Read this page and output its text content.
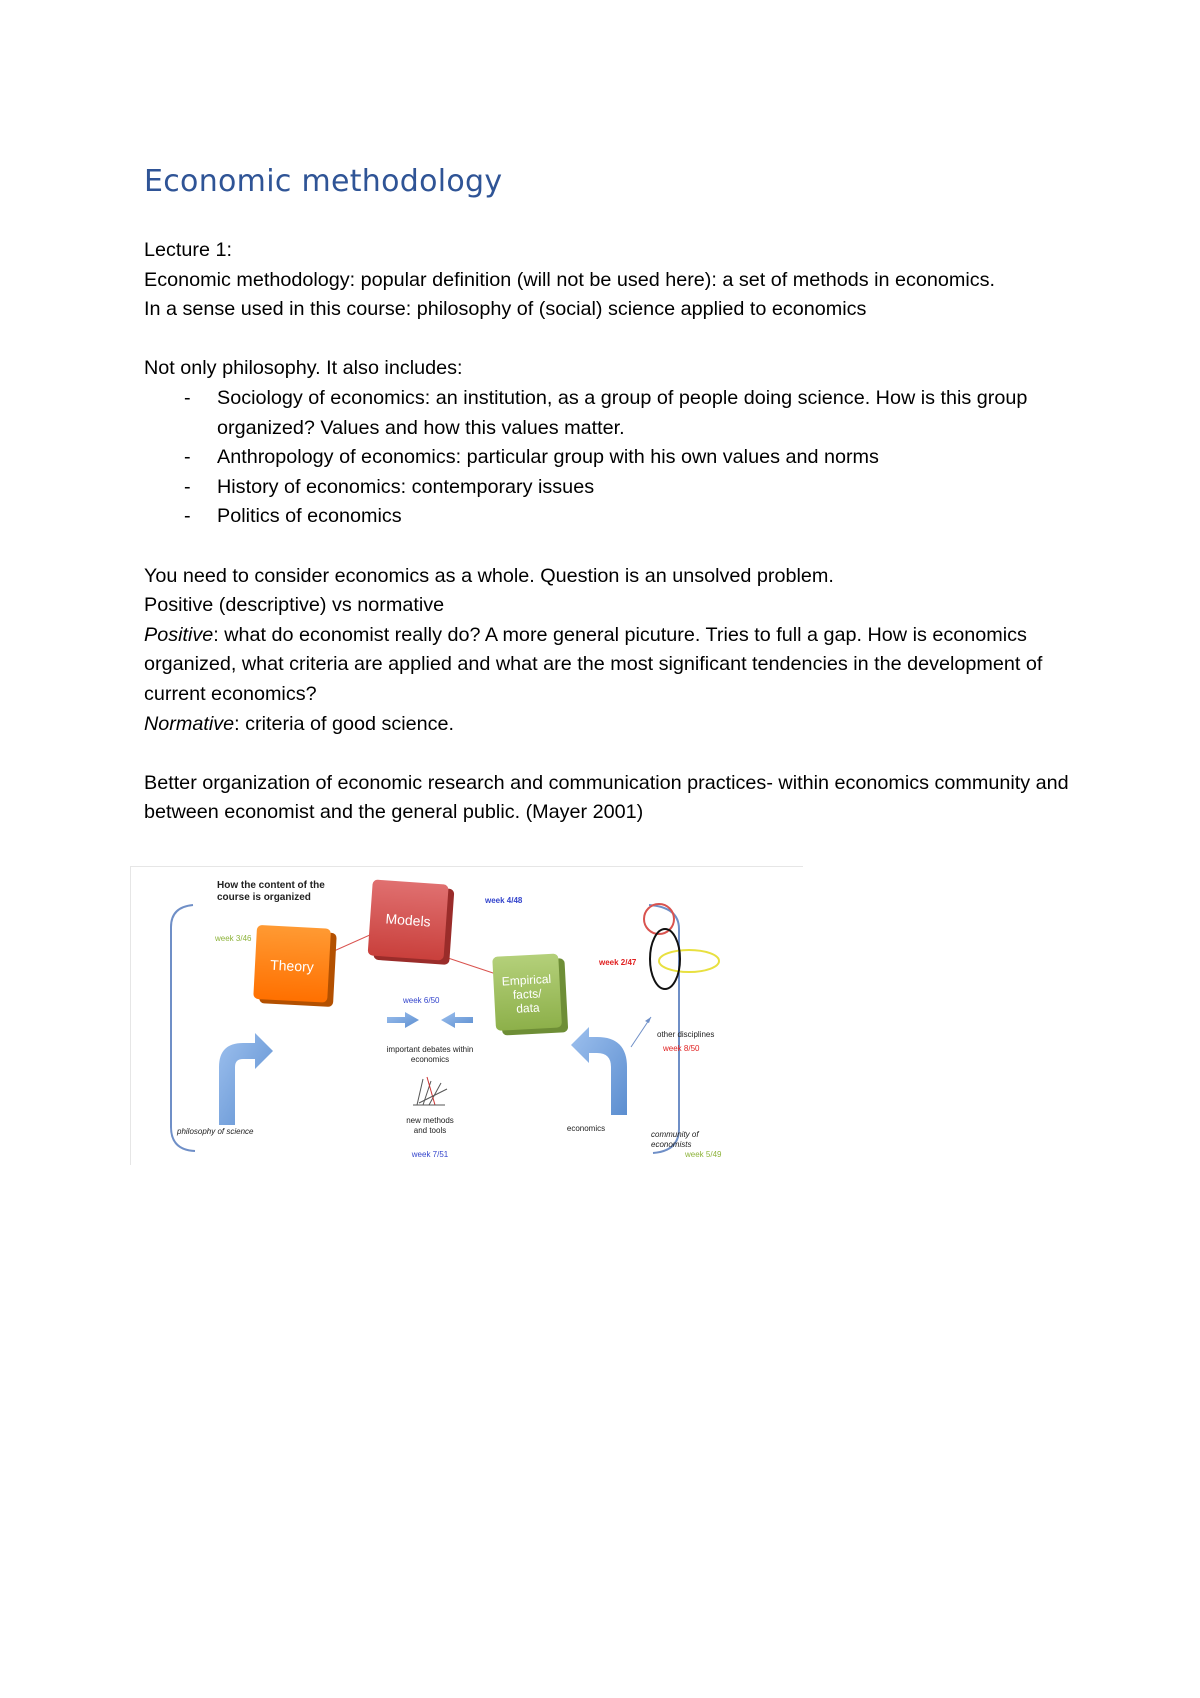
Economic methodology

Lecture 1:

Economic methodology: popular definition (will not be used here): a set of methods in economics.

In a sense used in this course: philosophy of (social) science applied to economics

Not only philosophy. It also includes:

- Sociology of economics: an institution, as a group of people doing science. How is this group organized? Values and how this values matter.
- Anthropology of economics: particular group with his own values and norms
- History of economics: contemporary issues
- Politics of economics

You need to consider economics as a whole. Question is an unsolved problem.

Positive (descriptive) vs normative

Positive: what do economist really do? A more general picuture. Tries to full a gap. How is economics organized, what criteria are applied and what are the most significant tendencies in the development of current economics?

Normative: criteria of good science.

Better organization of economic research and communication practices- within economics community and between economist and the general public. (Mayer 2001)

How the content of the
course is organized
Theory
Models
Empirical
facts/
data
week 3/46
week 4/48
week 2/47
week 6/50
important debates within
economics
new methods
and tools
week 7/51
philosophy of science	economics
other disciplines
week 8/50
community of
economists
week 5/49
